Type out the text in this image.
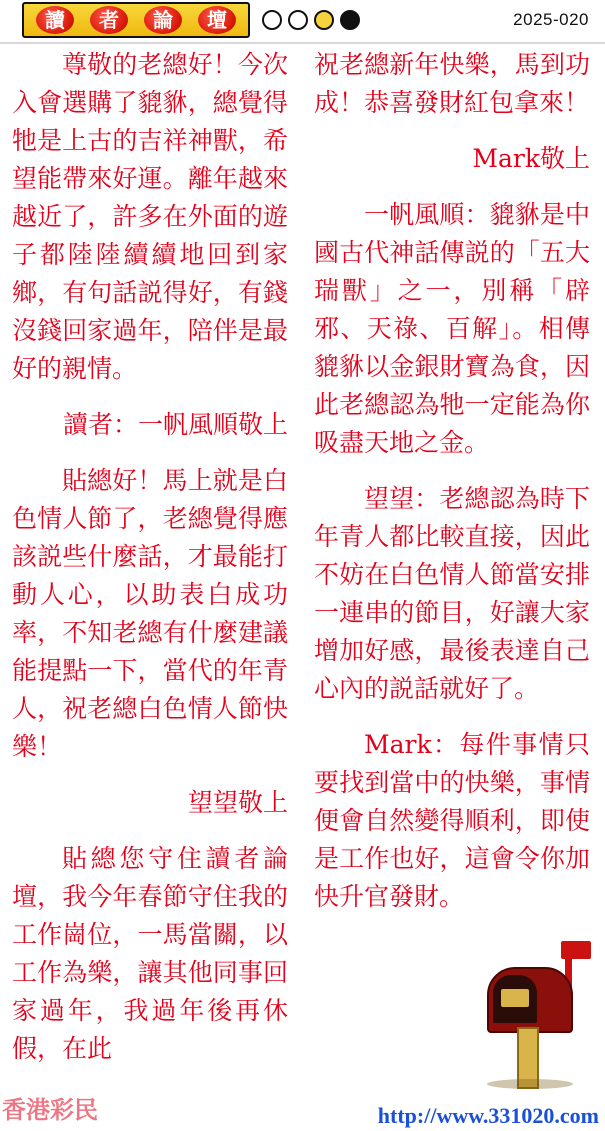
讀	者	論	壇	2025-020

尊敬的老總好！今次入會選購了貔貅，總覺得牠是上古的吉祥神獸，希望能帶來好運。離年越來越近了，許多在外面的遊子都陸陸續續地回到家鄉，有句話説得好，有錢沒錢回家過年，陪伴是最好的親情。

讀者：一帆風順敬上

貼總好！馬上就是白色情人節了，老總覺得應該説些什麼話，才最能打動人心，以助表白成功率，不知老總有什麼建議能提點一下，當代的年青人，祝老總白色情人節快樂！

望望敬上

貼總您守住讀者論壇，我今年春節守住我的工作崗位，一馬當關，以工作為樂，讓其他同事回家過年，我過年後再休假，在此

祝老總新年快樂，馬到功成！恭喜發財紅包拿來！

Mark敬上

一帆風順：貔貅是中國古代神話傳説的「五大瑞獸」之一，別稱「辟邪、天祿、百解」。相傳貔貅以金銀財寶為食，因此老總認為牠一定能為你吸盡天地之金。

望望：老總認為時下年青人都比較直接，因此不妨在白色情人節當安排一連串的節目，好讓大家增加好感，最後表達自己心內的説話就好了。

Mark：每件事情只要找到當中的快樂，事情便會自然變得順利，即使是工作也好，這會令你加快升官發財。

香港彩民	http://www.331020.com
